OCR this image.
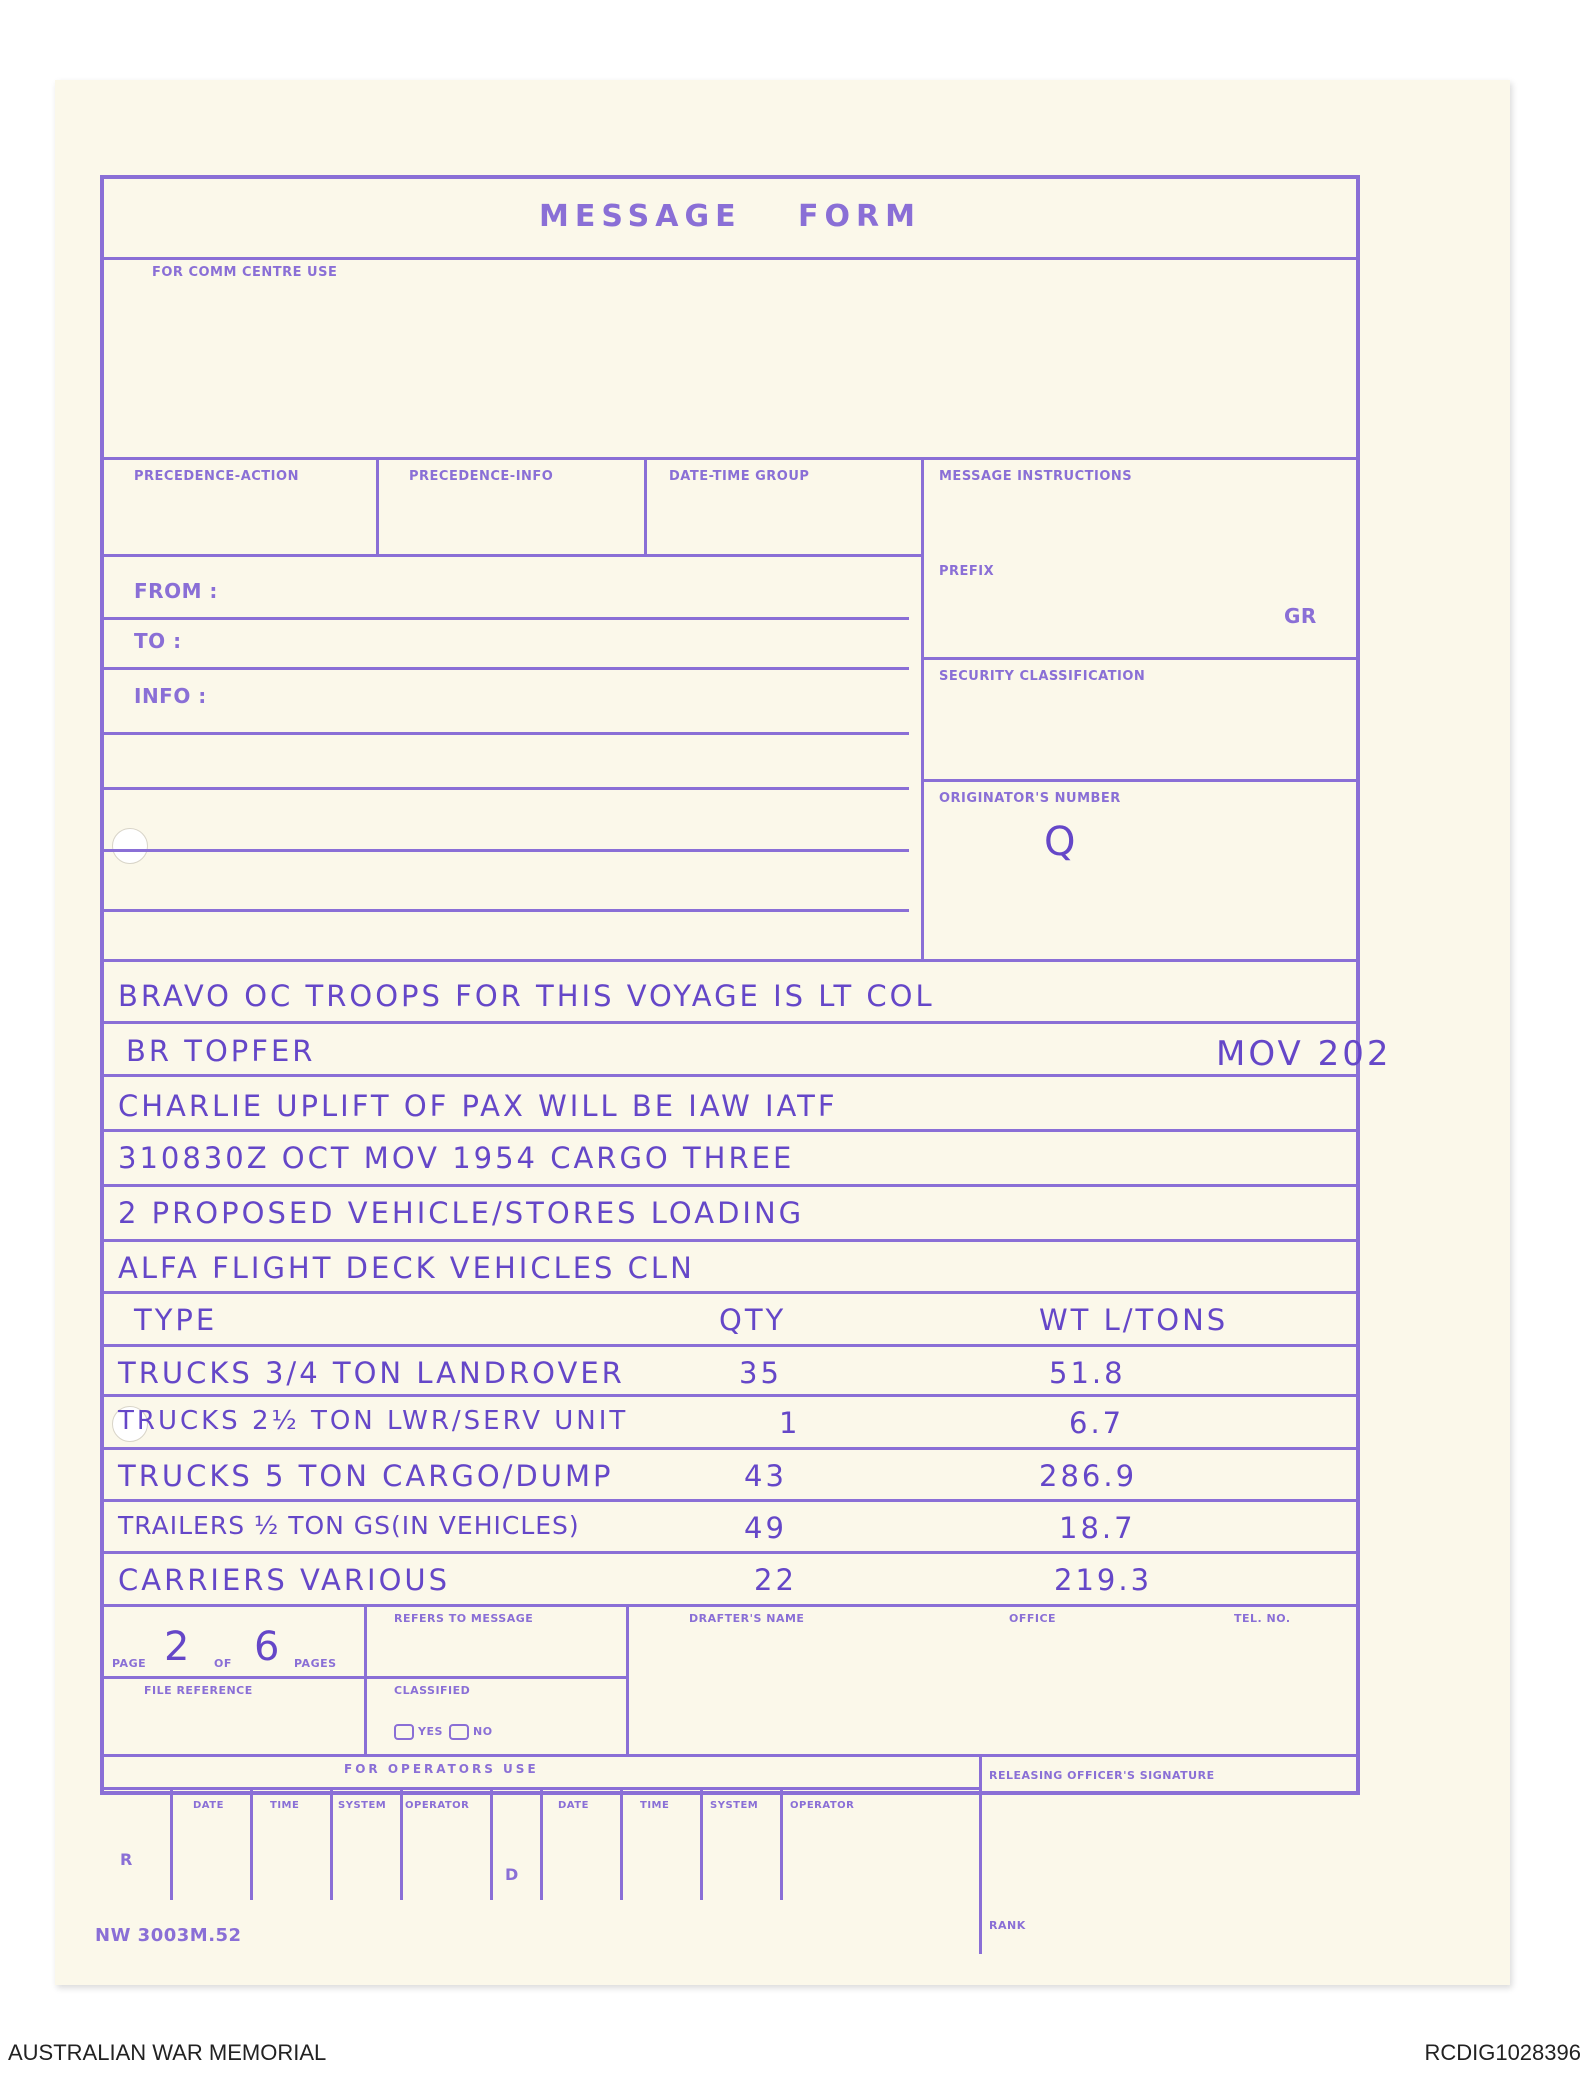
MESSAGE FORM
FOR COMM CENTRE USE
PRECEDENCE-ACTION	PRECEDENCE-INFO	DATE-TIME GROUP	MESSAGE INSTRUCTIONS
FROM :
TO :
INFO :
PREFIX
GR
SECURITY CLASSIFICATION
ORIGINATOR'S NUMBER
Q
BRAVO OC TROOPS FOR THIS VOYAGE IS LT COL
BR TOPFER	MOV 202
CHARLIE UPLIFT OF PAX WILL BE IAW IATF
310830Z OCT MOV 1954 CARGO THREE
2 PROPOSED VEHICLE/STORES LOADING
ALFA FLIGHT DECK VEHICLES CLN
TYPE	QTY	WT L/TONS
TRUCKS 3/4 TON LANDROVER	35	51.8
TRUCKS 2½ TON LWR/SERV UNIT	1	6.7
TRUCKS 5 TON CARGO/DUMP	43	286.9
TRAILERS ½ TON GS(IN VEHICLES)	49	18.7
CARRIERS VARIOUS	22	219.3
PAGE 2 OF 6 PAGES
FILE REFERENCE
REFERS TO MESSAGE
CLASSIFIED
YES	NO
DRAFTER'S NAME	OFFICE	TEL. NO.
FOR OPERATORS USE	RELEASING OFFICER'S SIGNATURE
RANK
R
DATE	TIME	SYSTEM OPERATOR
D
DATE	TIME	SYSTEM	OPERATOR
NW 3003M.52
AUSTRALIAN WAR MEMORIAL	RCDIG1028396
